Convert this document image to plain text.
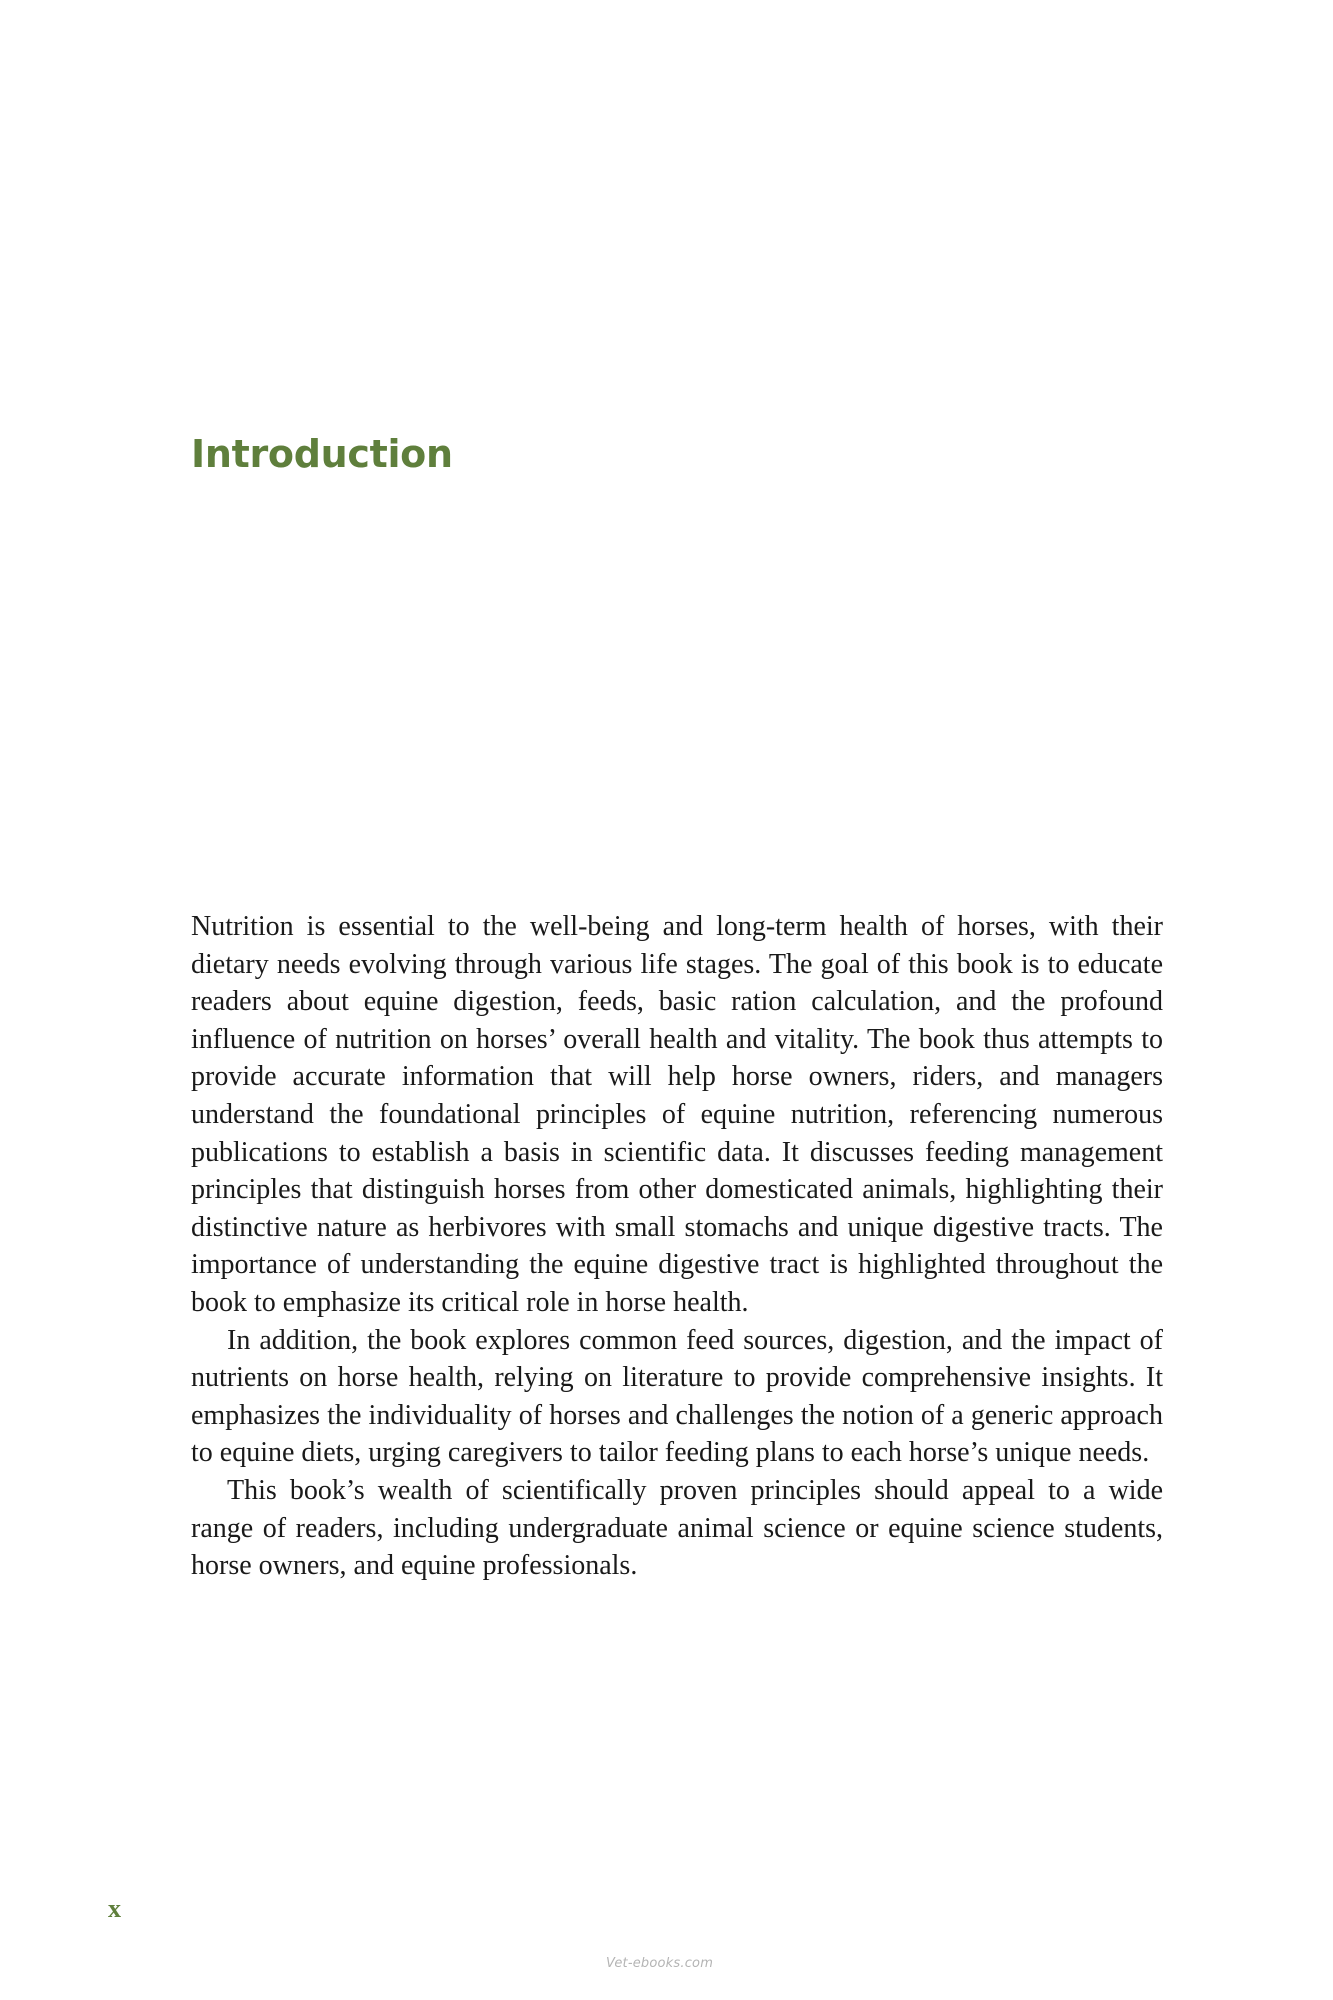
Introduction

Nutrition is essential to the well-being and long-term health of horses, with their dietary needs evolving through various life stages. The goal of this book is to educate readers about equine digestion, feeds, basic ration calculation, and the profound influence of nutrition on horses’ overall health and vitality. The book thus attempts to provide accurate information that will help horse owners, riders, and managers understand the foundational principles of equine nutrition, referencing numerous publications to establish a basis in scientific data. It discusses feeding management principles that distinguish horses from other domesticated animals, highlighting their distinctive nature as herbivores with small stomachs and unique digestive tracts. The importance of understanding the equine digestive tract is highlighted throughout the book to emphasize its critical role in horse health.

In addition, the book explores common feed sources, digestion, and the impact of nutrients on horse health, relying on literature to provide comprehensive insights. It emphasizes the individuality of horses and challenges the notion of a generic approach to equine diets, urging caregivers to tailor feeding plans to each horse’s unique needs.

This book’s wealth of scientifically proven principles should appeal to a wide range of readers, including undergraduate animal science or equine science students, horse owners, and equine professionals.

x
Vet-ebooks.com
